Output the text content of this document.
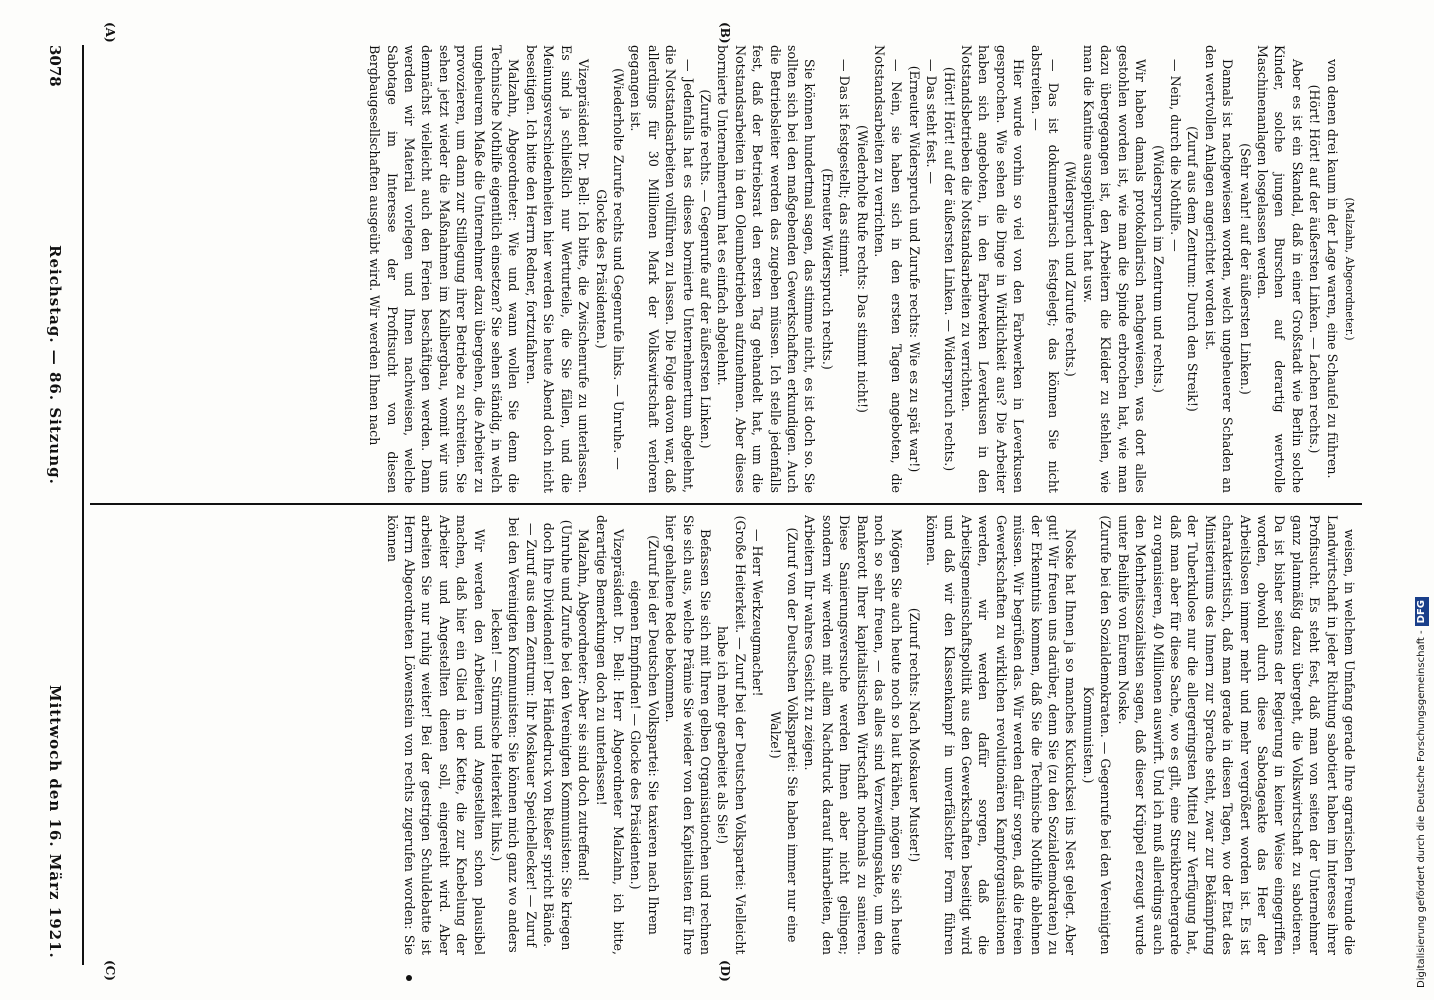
3078
Reichstag. — 86. Sitzung.
Mittwoch den 16. März 1921.
(A)	(B)
(C)	(D)

(Malzahn, Abgeordneter.)

von denen drei kaum in der Lage waren, eine Schaufel zu führen.

(Hört! Hört! auf der äußersten Linken. — Lachen rechts.)

Aber es ist ein Skandal, daß in einer Großstadt wie Berlin solche Kinder, solche jungen Burschen auf derartig wertvolle Maschinenanlagen losgelassen werden.

(Sehr wahr! auf der äußersten Linken.)

Damals ist nachgewiesen worden, welch ungeheuerer Schaden an den wertvollen Anlagen angerichtet worden ist.

(Zuruf aus dem Zentrum: Durch den Streik!)

— Nein, durch die Nothilfe. —

(Widerspruch im Zentrum und rechts.)

Wir haben damals protokollarisch nachgewiesen, was dort alles gestohlen worden ist, wie man die Spinde erbrochen hat, wie man dazu übergegangen ist, den Arbeitern die Kleider zu stehlen, wie man die Kantine ausgeplündert hat usw.

(Widerspruch und Zurufe rechts.)

— Das ist dokumentarisch festgelegt; das können Sie nicht abstreiten. —

Hier wurde vorhin so viel von den Farbwerken in Leverkusen gesprochen. Wie sehen die Dinge in Wirklichkeit aus? Die Arbeiter haben sich angeboten, in den Farbwerken Leverkusen in den Notstandsbetrieben die Notstandsarbeiten zu verrichten.

(Hört! Hört! auf der äußersten Linken. — Widerspruch rechts.)

— Das steht fest. —

(Erneuter Widerspruch und Zurufe rechts: Wie es zu spät war!)

— Nein, sie haben sich in den ersten Tagen angeboten, die Notstandsarbeiten zu verrichten.

(Wiederholte Rufe rechts: Das stimmt nicht!)

— Das ist festgestellt; das stimmt.

(Erneuter Widerspruch rechts.)

Sie können hundertmal sagen, das stimme nicht, es ist doch so. Sie sollten sich bei den maßgebenden Gewerkschaften erkundigen. Auch die Betriebsleiter werden das zugeben müssen. Ich stelle jedenfalls fest, daß der Betriebsrat den ersten Tag gehandelt hat, um die Notstandsarbeiten in den Oleumbetrieben aufzunehmen. Aber dieses bornierte Unternehmertum hat es einfach abgelehnt.

(Zurufe rechts. — Gegenrufe auf der äußersten Linken.)

— Jedenfalls hat es dieses bornierte Unternehmertum abgelehnt, die Notstandsarbeiten vollführen zu lassen. Die Folge davon war, daß allerdings für 30 Millionen Mark der Volkswirtschaft verloren gegangen ist.

(Wiederholte Zurufe rechts und Gegenrufe links. — Unruhe. — Glocke des Präsidenten.)

Vizepräsident Dr. Bell: Ich bitte, die Zwischenrufe zu unterlassen. Es sind ja schließlich nur Werturteile, die Sie fällen, und die Meinungsverschiedenheiten hier werden Sie heute Abend doch nicht beseitigen. Ich bitte den Herrn Redner, fortzufahren.

Malzahn, Abgeordneter: Wie und wann wollen Sie denn die Technische Nothilfe eigentlich einsetzen? Sie sehen ständig, in welch ungeheurem Maße die Unternehmer dazu übergehen, die Arbeiter zu provozieren, um dann zur Stillegung ihrer Betriebe zu schreiten. Sie sehen jetzt wieder die Maßnahmen im Kalibergbau, womit wir uns demnächst vielleicht auch den Ferien beschäftigen werden. Dann werden wir Material vorlegen und Ihnen nachweisen, welche Sabotage im Interesse der Profitsucht von diesen Bergbaugesellschaften ausgeübt wird. Wir werden Ihnen nach

weisen, in welchem Umfang gerade Ihre agrarischen Freunde die Landwirtschaft in jeder Richtung sabotiert haben im Interesse ihrer Profitsucht. Es steht fest, daß man von seiten der Unternehmer ganz planmäßig dazu übergeht, die Volkswirtschaft zu sabotieren. Da ist bisher seitens der Regierung in keiner Weise eingegriffen worden, obwohl durch diese Sabotageakte das Heer der Arbeitslosen immer mehr und mehr vergrößert worden ist. Es ist charakteristisch, daß man gerade in diesen Tagen, wo der Etat des Ministeriums des Innern zur Sprache steht, zwar zur Bekämpfung der Tuberkulose nur die allergeringsten Mittel zur Verfügung hat, daß man aber für diese Sache, wo es gilt, eine Streikbrechergarde zu organisieren, 40 Millionen auswirft. Und ich muß allerdings auch den Mehrheitssozialisten sagen, daß dieser Krüppel erzeugt wurde unter Beihilfe von Eurem Noske.

(Zurufe bei den Sozialdemokraten. — Gegenrufe bei den Vereinigten Kommunisten.)

Noske hat Ihnen ja so manches Kuckucksei ins Nest gelegt. Aber gut! Wir freuen uns darüber, denn Sie (zu den Sozialdemokraten) zu der Erkenntnis kommen, daß Sie die Technische Nothilfe ablehnen müssen. Wir begrüßen das. Wir werden dafür sorgen, daß die freien Gewerkschaften zu wirklichen revolutionären Kampforganisationen werden, wir werden dafür sorgen, daß die Arbeitsgemeinschaftspolitik aus den Gewerkschaften beseitigt wird und daß wir den Klassenkampf in unverfälschter Form führen können.

(Zuruf rechts: Nach Moskauer Muster!)

Mögen Sie auch heute noch so laut krähen, mögen Sie sich heute noch so sehr freuen, — das alles sind Verzweiflungsakte, um den Bankerott Ihrer kapitalistischen Wirtschaft nochmals zu sanieren. Diese Sanierungsversuche werden Ihnen aber nicht gelingen; sondern wir werden mit allem Nachdruck darauf hinarbeiten, den Arbeitern Ihr wahres Gesicht zu zeigen.

(Zuruf von der Deutschen Volkspartei: Sie haben immer nur eine Walze!)

— Herr Werkzeugmacher!

(Große Heiterkeit. — Zuruf bei der Deutschen Volkspartei: Vielleicht habe ich mehr gearbeitet als Sie!)

Befassen Sie sich mit Ihren gelben Organisationchen und rechnen Sie sich aus, welche Prämie Sie wieder von den Kapitalisten für Ihre hier gehaltene Rede bekommen.

(Zuruf bei der Deutschen Volkspartei: Sie taxieren nach Ihrem eigenen Empfinden! — Glocke des Präsidenten.)

Vizepräsident Dr. Bell: Herr Abgeordneter Malzahn, ich bitte, derartige Bemerkungen doch zu unterlassen!

Malzahn, Abgeordneter: Aber sie sind doch zutreffend!

(Unruhe und Zurufe bei den Vereinigten Kommunisten: Sie kriegen doch Ihre Dividenden! Der Händedruck von Rießer spricht Bände. — Zuruf aus dem Zentrum: Ihr Moskauer Speichellecker! — Zuruf bei den Vereinigten Kommunisten: Sie können mich ganz wo anders lecken! — Stürmische Heiterkeit links.)

Wir werden den Arbeitern und Angestellten schon plausibel machen, daß hier ein Glied in der Kette, die zur Knebelung der Arbeiter und Angestellten dienen soll, eingereiht wird. Aber arbeiten Sie nur ruhig weiter! Bei der gestrigen Schuldebatte ist Herrn Abgeordneten Löwenstein von rechts zugerufen worden: Sie können

Digitalisierung gefördert durch die Deutsche Forschungsgemeinschaft -DFG
